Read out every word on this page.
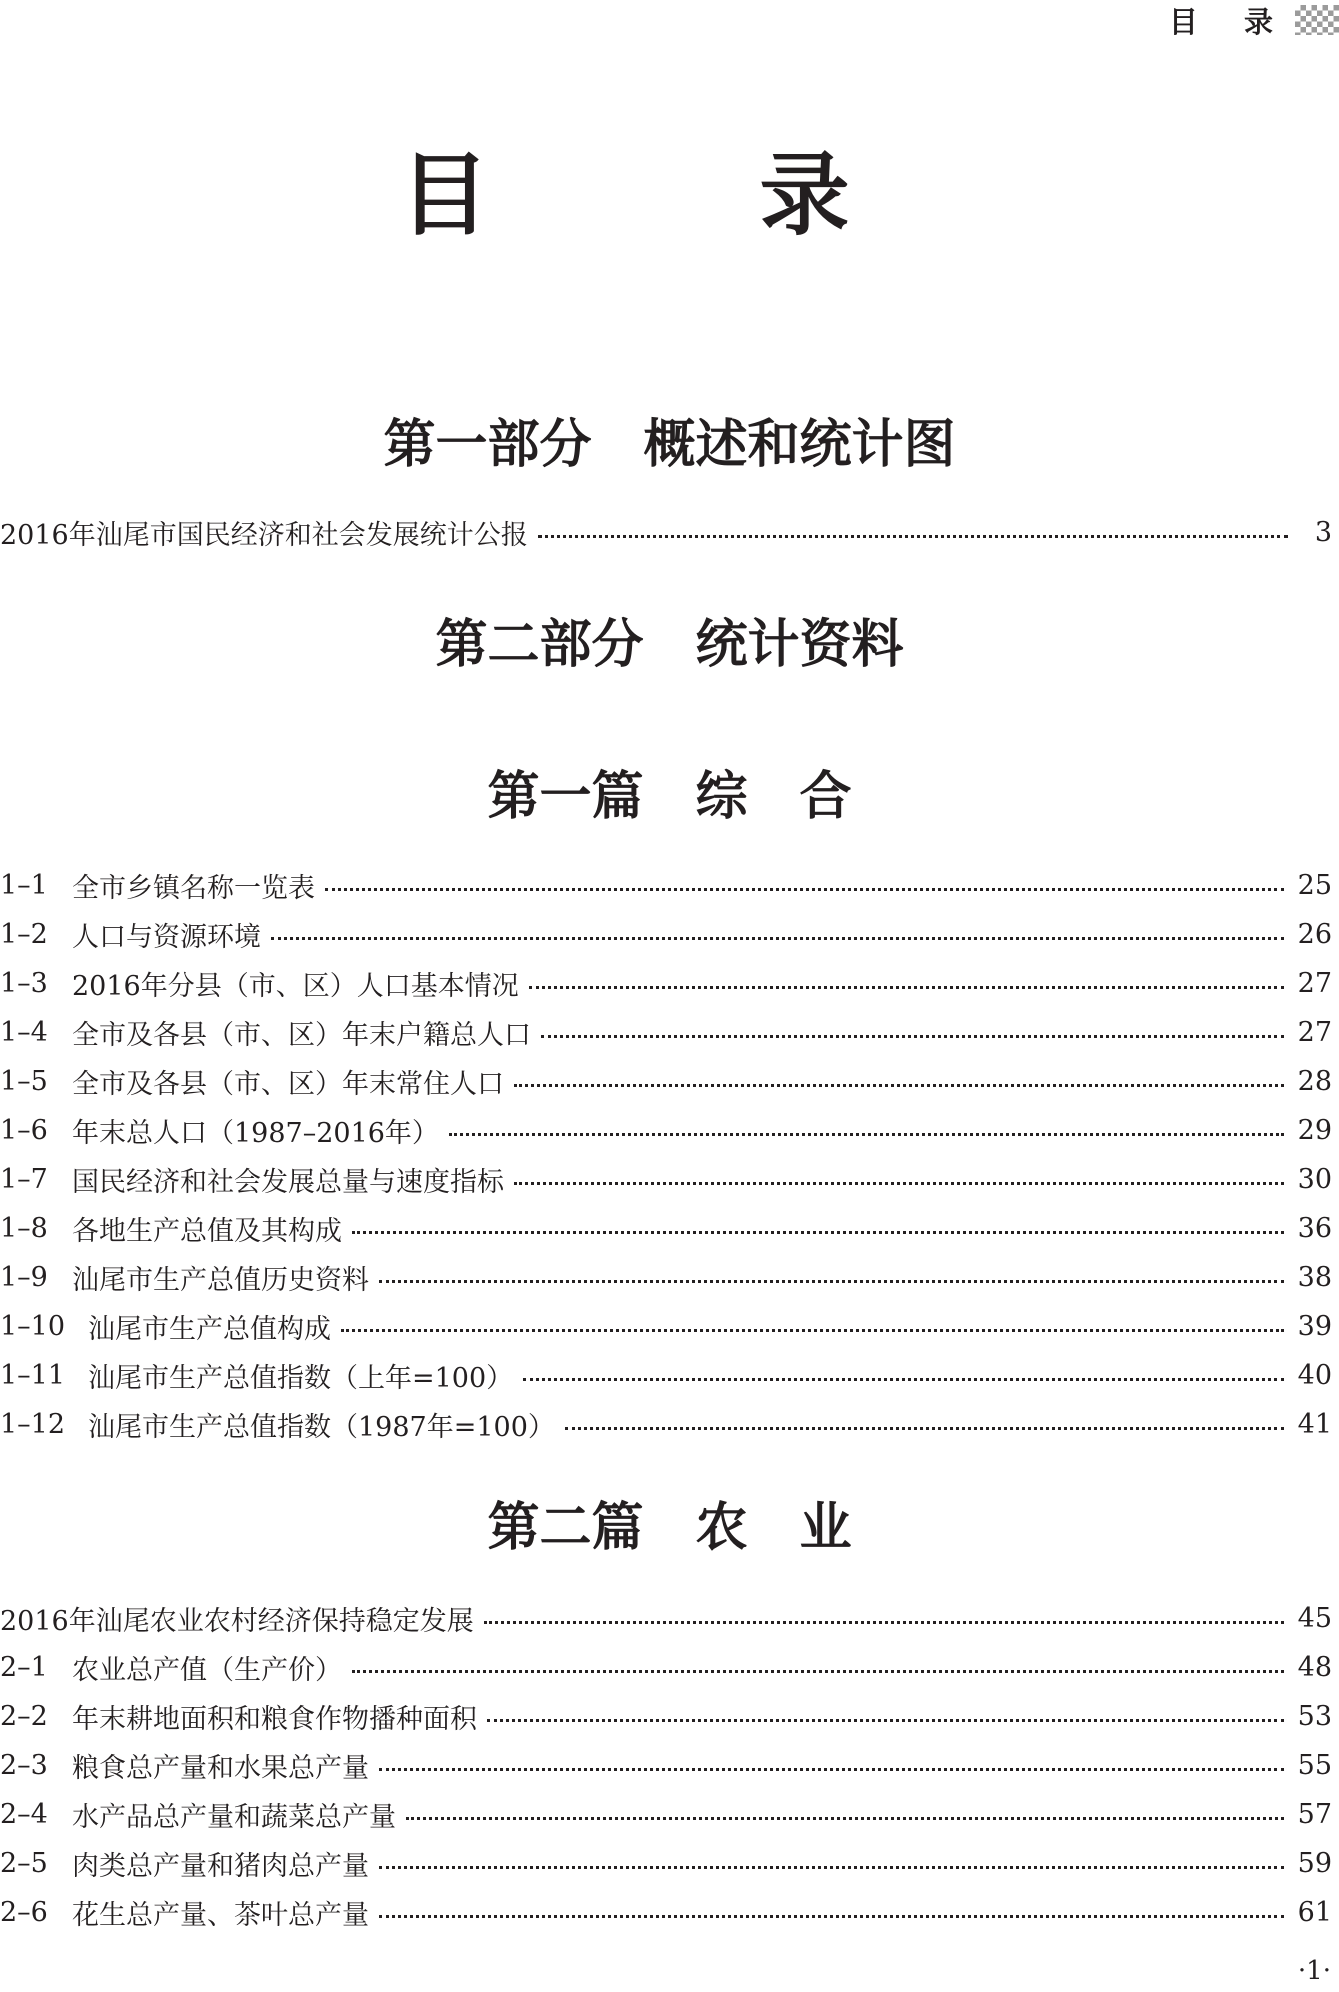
目 录
目　录
第一部分　概述和统计图
2016年汕尾市国民经济和社会发展统计公报	3
第二部分　统计资料
第一篇　综　合
1–1 全市乡镇名称一览表	25
1–2 人口与资源环境	26
1–3 2016年分县（市、区）人口基本情况	27
1–4 全市及各县（市、区）年末户籍总人口	27
1–5 全市及各县（市、区）年末常住人口	28
1–6 年末总人口（1987–2016年）	29
1–7 国民经济和社会发展总量与速度指标	30
1–8 各地生产总值及其构成	36
1–9 汕尾市生产总值历史资料	38
1–10 汕尾市生产总值构成	39
1–11 汕尾市生产总值指数（上年=100）	40
1–12 汕尾市生产总值指数（1987年=100）	41
第二篇　农　业
2016年汕尾农业农村经济保持稳定发展	45
2–1 农业总产值（生产价）	48
2–2 年末耕地面积和粮食作物播种面积	53
2–3 粮食总产量和水果总产量	55
2–4 水产品总产量和蔬菜总产量	57
2–5 肉类总产量和猪肉总产量	59
2–6 花生总产量、茶叶总产量	61
·1·
